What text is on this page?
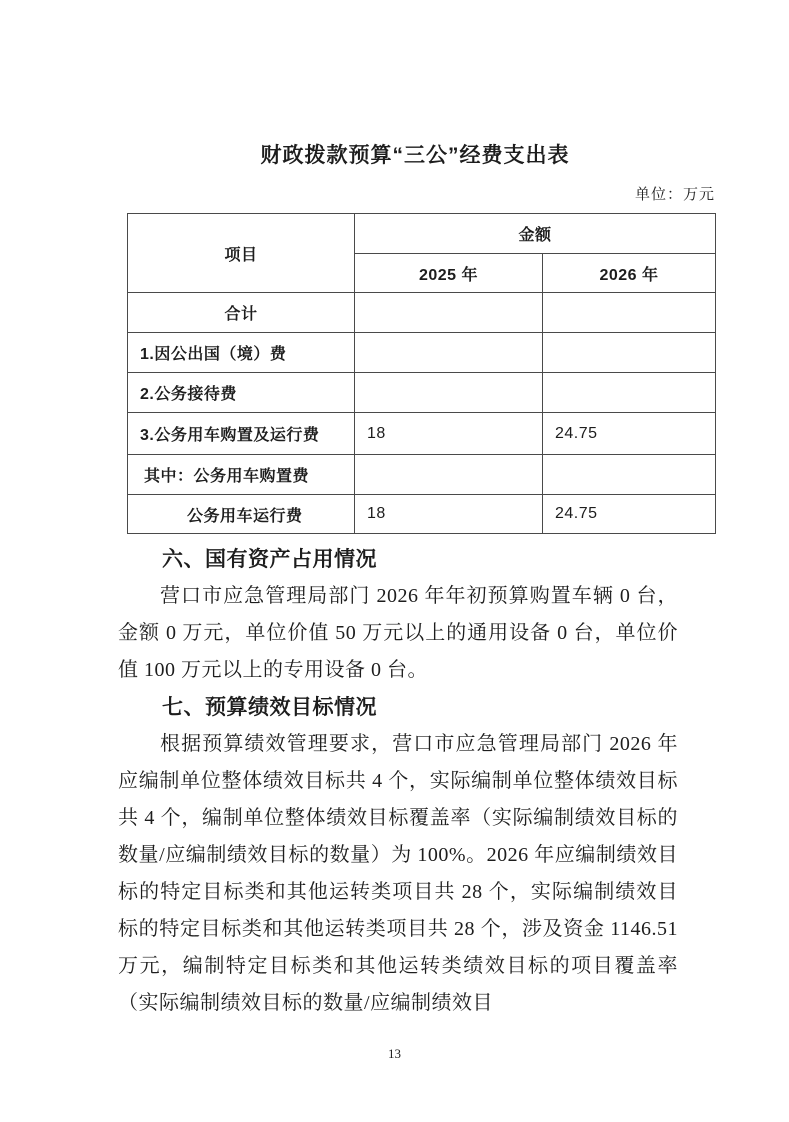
财政拨款预算“三公”经费支出表
单位：万元
项目	金额	
	2025 年	2026 年
合计		
1.因公出国（境）费		
2.公务接待费		
3.公务用车购置及运行费	18	24.75
其中：公务用车购置费		
公务用车运行费	18	24.75
六、国有资产占用情况

营口市应急管理局部门 2026 年年初预算购置车辆 0 台，金额 0 万元，单位价值 50 万元以上的通用设备 0 台，单位价值 100 万元以上的专用设备 0 台。

七、预算绩效目标情况

根据预算绩效管理要求，营口市应急管理局部门 2026 年应编制单位整体绩效目标共 4 个，实际编制单位整体绩效目标共 4 个，编制单位整体绩效目标覆盖率（实际编制绩效目标的数量/应编制绩效目标的数量）为 100%。2026 年应编制绩效目标的特定目标类和其他运转类项目共 28 个，实际编制绩效目标的特定目标类和其他运转类项目共 28 个，涉及资金 1146.51 万元，编制特定目标类和其他运转类绩效目标的项目覆盖率（实际编制绩效目标的数量/应编制绩效目

13
